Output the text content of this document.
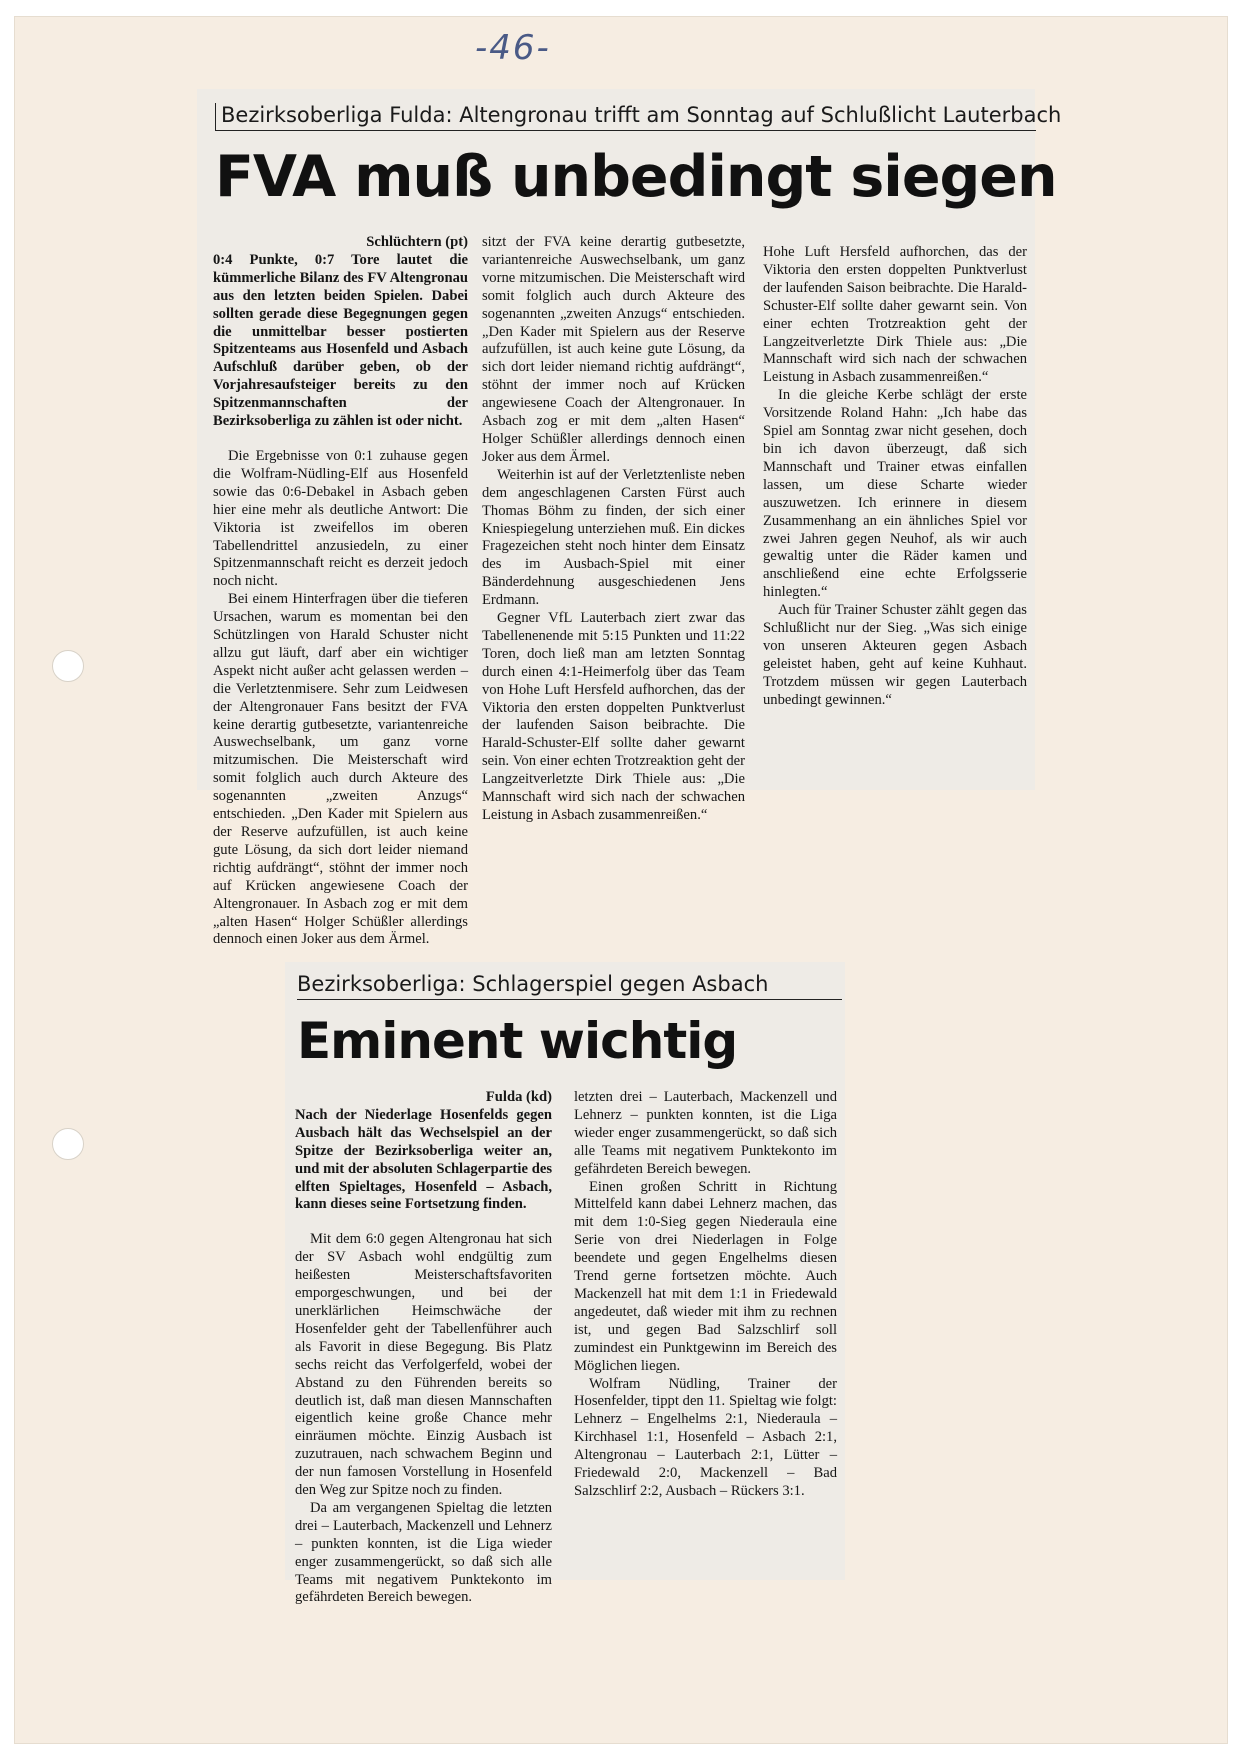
-46-
Bezirksoberliga Fulda: Altengronau trifft am Sonntag auf Schlußlicht Lauterbach
FVA muß unbedingt siegen

Schlüchtern (pt)

0:4 Punkte, 0:7 Tore lautet die kümmerliche Bilanz des FV Altengronau aus den letzten beiden Spielen. Dabei sollten gerade diese Begegnungen gegen die unmittelbar besser postierten Spitzenteams aus Hosenfeld und Asbach Aufschluß darüber geben, ob der Vorjahresaufsteiger bereits zu den Spitzenmannschaften der Bezirksoberliga zu zählen ist oder nicht.

Die Ergebnisse von 0:1 zuhause gegen die Wolfram-Nüdling-Elf aus Hosenfeld sowie das 0:6-Debakel in Asbach geben hier eine mehr als deutliche Antwort: Die Viktoria ist zweifellos im oberen Tabellendrittel anzusiedeln, zu einer Spitzenmannschaft reicht es derzeit jedoch noch nicht.

Bei einem Hinterfragen über die tieferen Ursachen, warum es momentan bei den Schützlingen von Harald Schuster nicht allzu gut läuft, darf aber ein wichtiger Aspekt nicht außer acht gelassen werden – die Verletztenmisere. Sehr zum Leidwesen der Altengronauer Fans besitzt der FVA keine derartig gutbesetzte, variantenreiche Auswechselbank, um ganz vorne mitzumischen. Die Meisterschaft wird somit folglich auch durch Akteure des sogenannten „zweiten Anzugs“ entschieden. „Den Kader mit Spielern aus der Reserve aufzufüllen, ist auch keine gute Lösung, da sich dort leider niemand richtig aufdrängt“, stöhnt der immer noch auf Krücken angewiesene Coach der Altengronauer. In Asbach zog er mit dem „alten Hasen“ Holger Schüßler allerdings dennoch einen Joker aus dem Ärmel.

sitzt der FVA keine derartig gutbesetzte, variantenreiche Auswechselbank, um ganz vorne mitzumischen. Die Meisterschaft wird somit folglich auch durch Akteure des sogenannten „zweiten Anzugs“ entschieden. „Den Kader mit Spielern aus der Reserve aufzufüllen, ist auch keine gute Lösung, da sich dort leider niemand richtig aufdrängt“, stöhnt der immer noch auf Krücken angewiesene Coach der Altengronauer. In Asbach zog er mit dem „alten Hasen“ Holger Schüßler allerdings dennoch einen Joker aus dem Ärmel.

Weiterhin ist auf der Verletztenliste neben dem angeschlagenen Carsten Fürst auch Thomas Böhm zu finden, der sich einer Kniespiegelung unterziehen muß. Ein dickes Fragezeichen steht noch hinter dem Einsatz des im Ausbach-Spiel mit einer Bänderdehnung ausgeschiedenen Jens Erdmann.

Gegner VfL Lauterbach ziert zwar das Tabellenenende mit 5:15 Punkten und 11:22 Toren, doch ließ man am letzten Sonntag durch einen 4:1-Heimerfolg über das Team von Hohe Luft Hersfeld aufhorchen, das der Viktoria den ersten doppelten Punktverlust der laufenden Saison beibrachte. Die Harald-Schuster-Elf sollte daher gewarnt sein. Von einer echten Trotzreaktion geht der Langzeitverletzte Dirk Thiele aus: „Die Mannschaft wird sich nach der schwachen Leistung in Asbach zusammenreißen.“

Hohe Luft Hersfeld aufhorchen, das der Viktoria den ersten doppelten Punktverlust der laufenden Saison beibrachte. Die Harald-Schuster-Elf sollte daher gewarnt sein. Von einer echten Trotzreaktion geht der Langzeitverletzte Dirk Thiele aus: „Die Mannschaft wird sich nach der schwachen Leistung in Asbach zusammenreißen.“

In die gleiche Kerbe schlägt der erste Vorsitzende Roland Hahn: „Ich habe das Spiel am Sonntag zwar nicht gesehen, doch bin ich davon überzeugt, daß sich Mannschaft und Trainer etwas einfallen lassen, um diese Scharte wieder auszuwetzen. Ich erinnere in diesem Zusammenhang an ein ähnliches Spiel vor zwei Jahren gegen Neuhof, als wir auch gewaltig unter die Räder kamen und anschließend eine echte Erfolgsserie hinlegten.“

Auch für Trainer Schuster zählt gegen das Schlußlicht nur der Sieg. „Was sich einige von unseren Akteuren gegen Asbach geleistet haben, geht auf keine Kuhhaut. Trotzdem müssen wir gegen Lauterbach unbedingt gewinnen.“

Bezirksoberliga: Schlagerspiel gegen Asbach
Eminent wichtig

Fulda (kd)

Nach der Niederlage Hosenfelds gegen Ausbach hält das Wechselspiel an der Spitze der Bezirksoberliga weiter an, und mit der absoluten Schlagerpartie des elften Spieltages, Hosenfeld – Asbach, kann dieses seine Fortsetzung finden.

Mit dem 6:0 gegen Altengronau hat sich der SV Asbach wohl endgültig zum heißesten Meisterschaftsfavoriten emporgeschwungen, und bei der unerklärlichen Heimschwäche der Hosenfelder geht der Tabellenführer auch als Favorit in diese Begegung. Bis Platz sechs reicht das Verfolgerfeld, wobei der Abstand zu den Führenden bereits so deutlich ist, daß man diesen Mannschaften eigentlich keine große Chance mehr einräumen möchte. Einzig Ausbach ist zuzutrauen, nach schwachem Beginn und der nun famosen Vorstellung in Hosenfeld den Weg zur Spitze noch zu finden.

Da am vergangenen Spieltag die letzten drei – Lauterbach, Mackenzell und Lehnerz – punkten konnten, ist die Liga wieder enger zusammengerückt, so daß sich alle Teams mit negativem Punktekonto im gefährdeten Bereich bewegen.

letzten drei – Lauterbach, Mackenzell und Lehnerz – punkten konnten, ist die Liga wieder enger zusammengerückt, so daß sich alle Teams mit negativem Punktekonto im gefährdeten Bereich bewegen.

Einen großen Schritt in Richtung Mittelfeld kann dabei Lehnerz machen, das mit dem 1:0-Sieg gegen Niederaula eine Serie von drei Niederlagen in Folge beendete und gegen Engelhelms diesen Trend gerne fortsetzen möchte. Auch Mackenzell hat mit dem 1:1 in Friedewald angedeutet, daß wieder mit ihm zu rechnen ist, und gegen Bad Salzschlirf soll zumindest ein Punktgewinn im Bereich des Möglichen liegen.

Wolfram Nüdling, Trainer der Hosenfelder, tippt den 11. Spieltag wie folgt: Lehnerz – Engelhelms 2:1, Niederaula – Kirchhasel 1:1, Hosenfeld – Asbach 2:1, Altengronau – Lauterbach 2:1, Lütter – Friedewald 2:0, Mackenzell – Bad Salzschlirf 2:2, Ausbach – Rückers 3:1.
